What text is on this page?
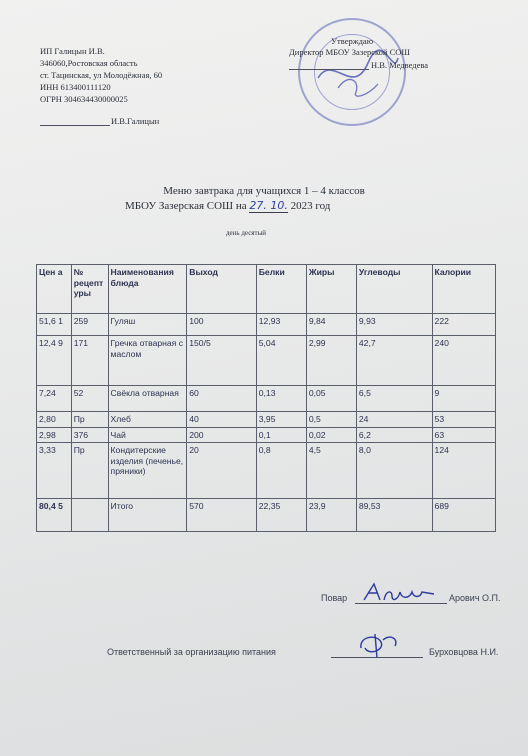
ИП Галицын И.В.
346060,Ростовская область
ст. Тацинская, ул Молодёжная, 60
ИНН 613400111120
ОГРН 304634430000025
И.В.Галицын
Утверждаю
Директор МБОУ Зазерской СОШ
Н.В. Медведева
Меню завтрака для учащихся 1 – 4 классов
МБОУ Зазерская СОШ на 27. 10. 2023 год
день десятый
Цен а	№ рецепт уры	Наименования блюда	Выход	Белки	Жиры	Углеводы	Калории
51,6 1	259	Гуляш	100	12,93	9,84	9,93	222
12,4 9	171	Гречка отварная с маслом	150/5	5,04	2,99	42,7	240
7,24	52	Свёкла отварная	60	0,13	0,05	6,5	9
2,80	Пр	Хлеб	40	3,95	0,5	24	53
2,98	376	Чай	200	0,1	0,02	6,2	63
3,33	Пр	Кондитерские изделия (печенье, пряники)	20	0,8	4,5	8,0	124
80,4 5		Итого	570	22,35	23,9	89,53	689
Повар	Арович О.П.
Ответственный за организацию питания	Бурховцова Н.И.
